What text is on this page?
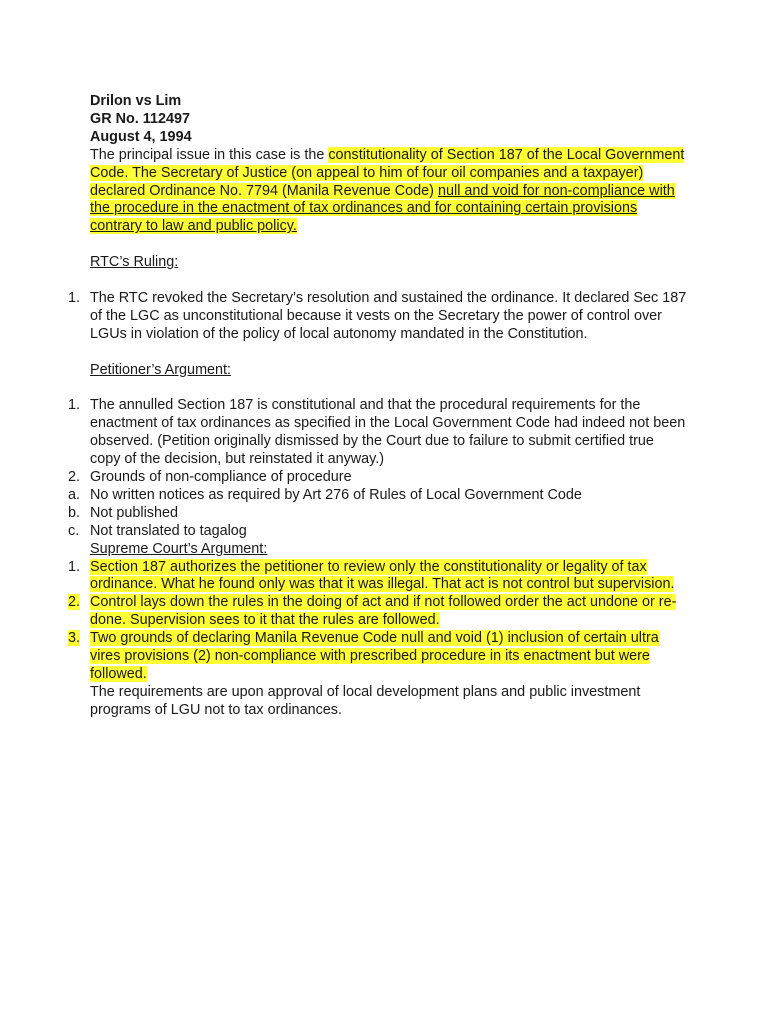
Drilon vs Lim
GR No. 112497
August 4, 1994
The principal issue in this case is the constitutionality of Section 187 of the Local Government Code. The Secretary of Justice (on appeal to him of four oil companies and a taxpayer) declared Ordinance No. 7794 (Manila Revenue Code) null and void for non-compliance with the procedure in the enactment of tax ordinances and for containing certain provisions contrary to law and public policy.
RTC’s Ruling:
1. The RTC revoked the Secretary’s resolution and sustained the ordinance. It declared Sec 187 of the LGC as unconstitutional because it vests on the Secretary the power of control over LGUs in violation of the policy of local autonomy mandated in the Constitution.
Petitioner’s Argument:
1. The annulled Section 187 is constitutional and that the procedural requirements for the enactment of tax ordinances as specified in the Local Government Code had indeed not been observed. (Petition originally dismissed by the Court due to failure to submit certified true copy of the decision, but reinstated it anyway.)
2. Grounds of non-compliance of procedure
a. No written notices as required by Art 276 of Rules of Local Government Code
b. Not published
c. Not translated to tagalog
Supreme Court’s Argument:
1. Section 187 authorizes the petitioner to review only the constitutionality or legality of tax ordinance. What he found only was that it was illegal. That act is not control but supervision.
2. Control lays down the rules in the doing of act and if not followed order the act undone or re-done. Supervision sees to it that the rules are followed.
3. Two grounds of declaring Manila Revenue Code null and void (1) inclusion of certain ultra vires provisions (2) non-compliance with prescribed procedure in its enactment but were followed.
The requirements are upon approval of local development plans and public investment programs of LGU not to tax ordinances.
